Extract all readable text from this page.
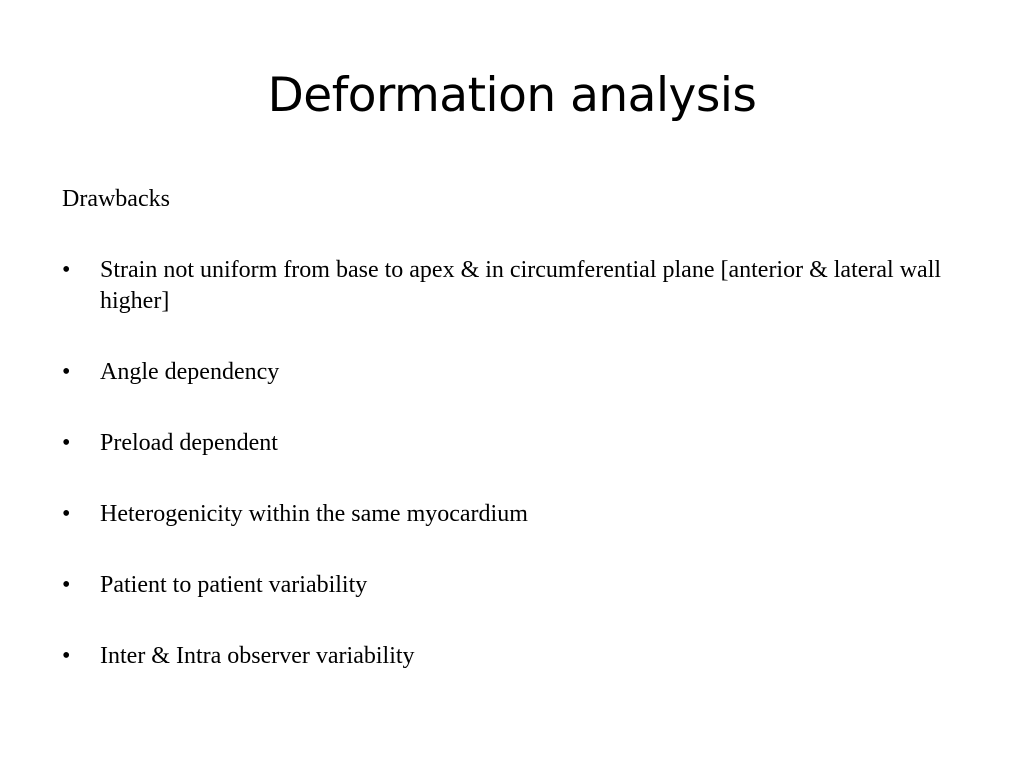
Deformation analysis

Drawbacks

• Strain not uniform from base to apex & in circumferential plane [anterior & lateral wall higher]
• Angle dependency
• Preload dependent
• Heterogenicity within the same myocardium
• Patient to patient variability
• Inter & Intra observer variability
